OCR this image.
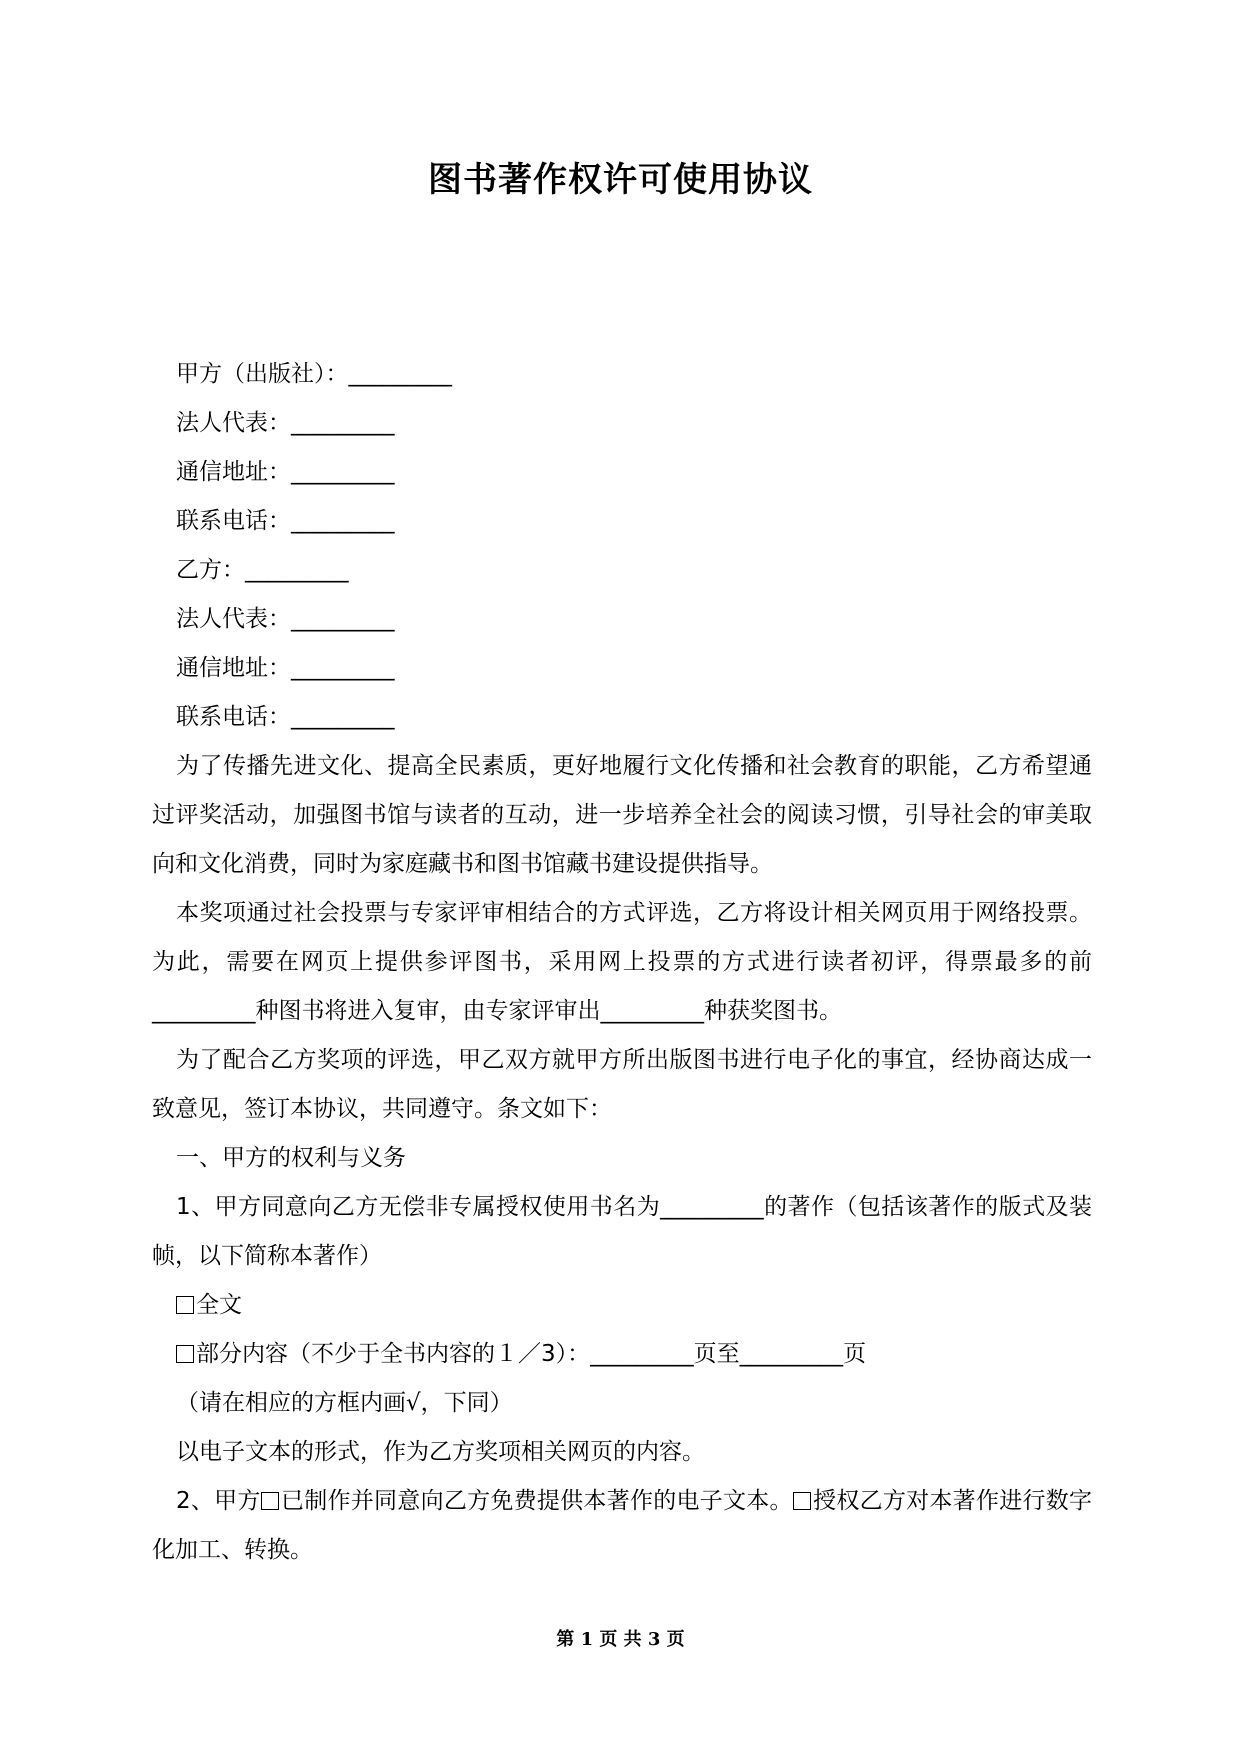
图书著作权许可使用协议
甲方（出版社）：_________
法人代表：_________
通信地址：_________
联系电话：_________
乙方：_________
法人代表：_________
通信地址：_________
联系电话：_________
为了传播先进文化、提高全民素质，更好地履行文化传播和社会教育的职能，乙方希望通过评奖活动，加强图书馆与读者的互动，进一步培养全社会的阅读习惯，引导社会的审美取向和文化消费，同时为家庭藏书和图书馆藏书建设提供指导。
本奖项通过社会投票与专家评审相结合的方式评选，乙方将设计相关网页用于网络投票。为此，需要在网页上提供参评图书，采用网上投票的方式进行读者初评，得票最多的前_________种图书将进入复审，由专家评审出_________种获奖图书。
为了配合乙方奖项的评选，甲乙双方就甲方所出版图书进行电子化的事宜，经协商达成一致意见，签订本协议，共同遵守。条文如下：
一、甲方的权利与义务
1、甲方同意向乙方无偿非专属授权使用书名为_________的著作（包括该著作的版式及装帧，以下简称本著作）
全文
部分内容（不少于全书内容的１／3）：_________页至_________页
（请在相应的方框内画√，下同）
以电子文本的形式，作为乙方奖项相关网页的内容。
2、甲方 已制作并同意向乙方免费提供本著作的电子文本。 授权乙方对本著作进行数字化加工、转换。
第 1 页 共 3 页
